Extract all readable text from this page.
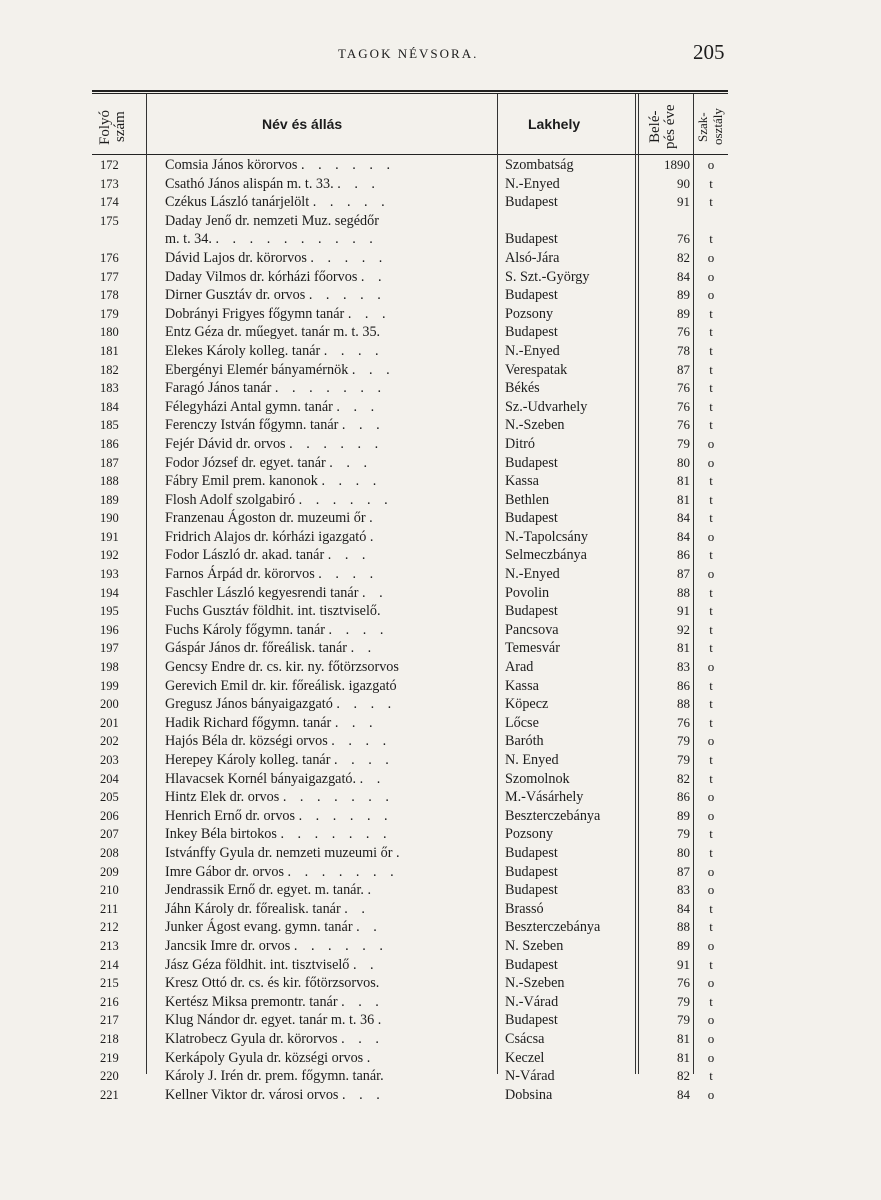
TAGOK NÉVSORA.	205
Folyó szám	Név és állás	Lakhely	Belé- pés éve	Szak- osztály
172	Comsia János körorvos . . . . . .	Szombatság	1890	o
173	Csathó János alispán m. t. 33. . . .	N.-Enyed	90	t
174	Czékus László tanárjelölt . . . . .	Budapest	91	t
175	Daday Jenő dr. nemzeti Muz. segédőr
m. t. 34. . . . . . . . . . .	Budapest	76	t
176	Dávid Lajos dr. körorvos . . . . .	Alsó-Jára	82	o
177	Daday Vilmos dr. kórházi főorvos . .	S. Szt.-György	84	o
178	Dirner Gusztáv dr. orvos . . . . .	Budapest	89	o
179	Dobrányi Frigyes főgymn tanár . . .	Pozsony	89	t
180	Entz Géza dr. műegyet. tanár m. t. 35.	Budapest	76	t
181	Elekes Károly kolleg. tanár . . . .	N.-Enyed	78	t
182	Ebergényi Elemér bányamérnök . . .	Verespatak	87	t
183	Faragó János tanár . . . . . . .	Békés	76	t
184	Félegyházi Antal gymn. tanár . . .	Sz.-Udvarhely	76	t
185	Ferenczy István főgymn. tanár . . .	N.-Szeben	76	t
186	Fejér Dávid dr. orvos . . . . . .	Ditró	79	o
187	Fodor József dr. egyet. tanár . . .	Budapest	80	o
188	Fábry Emil prem. kanonok . . . .	Kassa	81	t
189	Flosh Adolf szolgabiró . . . . . .	Bethlen	81	t
190	Franzenau Ágoston dr. muzeumi őr .	Budapest	84	t
191	Fridrich Alajos dr. kórházi igazgató .	N.-Tapolcsány	84	o
192	Fodor László dr. akad. tanár . . .	Selmeczbánya	86	t
193	Farnos Árpád dr. körorvos . . . .	N.-Enyed	87	o
194	Faschler László kegyesrendi tanár . .	Povolin	88	t
195	Fuchs Gusztáv földhit. int. tisztviselő.	Budapest	91	t
196	Fuchs Károly főgymn. tanár . . . .	Pancsova	92	t
197	Gáspár János dr. főreálisk. tanár . .	Temesvár	81	t
198	Gencsy Endre dr. cs. kir. ny. főtörzsorvos	Arad	83	o
199	Gerevich Emil dr. kir. főreálisk. igazgató	Kassa	86	t
200	Gregusz János bányaigazgató . . . .	Köpecz	88	t
201	Hadik Richard főgymn. tanár . . .	Lőcse	76	t
202	Hajós Béla dr. községi orvos . . . .	Baróth	79	o
203	Herepey Károly kolleg. tanár . . . .	N. Enyed	79	t
204	Hlavacsek Kornél bányaigazgató. . .	Szomolnok	82	t
205	Hintz Elek dr. orvos . . . . . . .	M.-Vásárhely	86	o
206	Henrich Ernő dr. orvos . . . . . .	Beszterczebánya	89	o
207	Inkey Béla birtokos . . . . . . .	Pozsony	79	t
208	Istvánffy Gyula dr. nemzeti muzeumi őr .	Budapest	80	t
209	Imre Gábor dr. orvos . . . . . . .	Budapest	87	o
210	Jendrassik Ernő dr. egyet. m. tanár. .	Budapest	83	o
211	Jáhn Károly dr. főrealisk. tanár . .	Brassó	84	t
212	Junker Ágost evang. gymn. tanár . .	Beszterczebánya	88	t
213	Jancsik Imre dr. orvos . . . . . .	N. Szeben	89	o
214	Jász Géza földhit. int. tisztviselő . .	Budapest	91	t
215	Kresz Ottó dr. cs. és kir. főtörzsorvos.	N.-Szeben	76	o
216	Kertész Miksa premontr. tanár . . .	N.-Várad	79	t
217	Klug Nándor dr. egyet. tanár m. t. 36 .	Budapest	79	o
218	Klatrobecz Gyula dr. körorvos . . .	Csácsa	81	o
219	Kerkápoly Gyula dr. községi orvos .	Keczel	81	o
220	Károly J. Irén dr. prem. főgymn. tanár.	N-Várad	82	t
221	Kellner Viktor dr. városi orvos . . .	Dobsina	84	o
